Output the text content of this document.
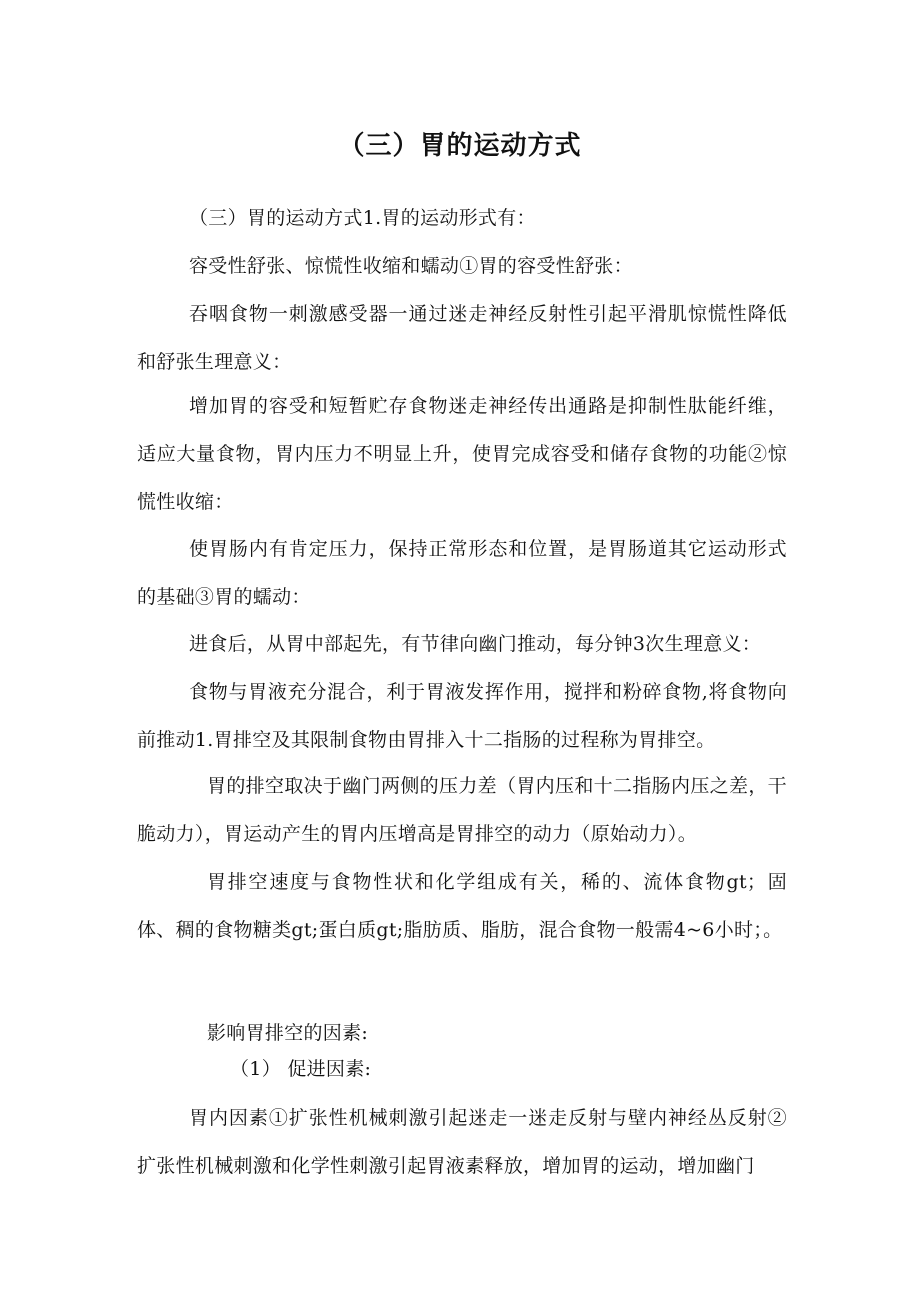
（三）胃的运动方式

（三）胃的运动方式1.胃的运动形式有：

容受性舒张、惊慌性收缩和蠕动①胃的容受性舒张：

吞咽食物一刺激感受器一通过迷走神经反射性引起平滑肌惊慌性降低和舒张生理意义：

增加胃的容受和短暂贮存食物迷走神经传出通路是抑制性肽能纤维，适应大量食物，胃内压力不明显上升，使胃完成容受和储存食物的功能②惊慌性收缩：

使胃肠内有肯定压力，保持正常形态和位置，是胃肠道其它运动形式的基础③胃的蠕动：

进食后，从胃中部起先，有节律向幽门推动，每分钟3次生理意义：

食物与胃液充分混合，利于胃液发挥作用，搅拌和粉碎食物,将食物向前推动1.胃排空及其限制食物由胃排入十二指肠的过程称为胃排空。

胃的排空取决于幽门两侧的压力差（胃内压和十二指肠内压之差，干脆动力），胃运动产生的胃内压增高是胃排空的动力（原始动力）。

胃排空速度与食物性状和化学组成有关，稀的、流体食物gt；固体、稠的食物糖类gt;蛋白质gt;脂肪质、脂肪，混合食物一般需4~6小时；。

影响胃排空的因素:

（1） 促进因素:

胃内因素①扩张性机械刺激引起迷走一迷走反射与壁内神经丛反射②扩张性机械刺激和化学性刺激引起胃液素释放，增加胃的运动，增加幽门
